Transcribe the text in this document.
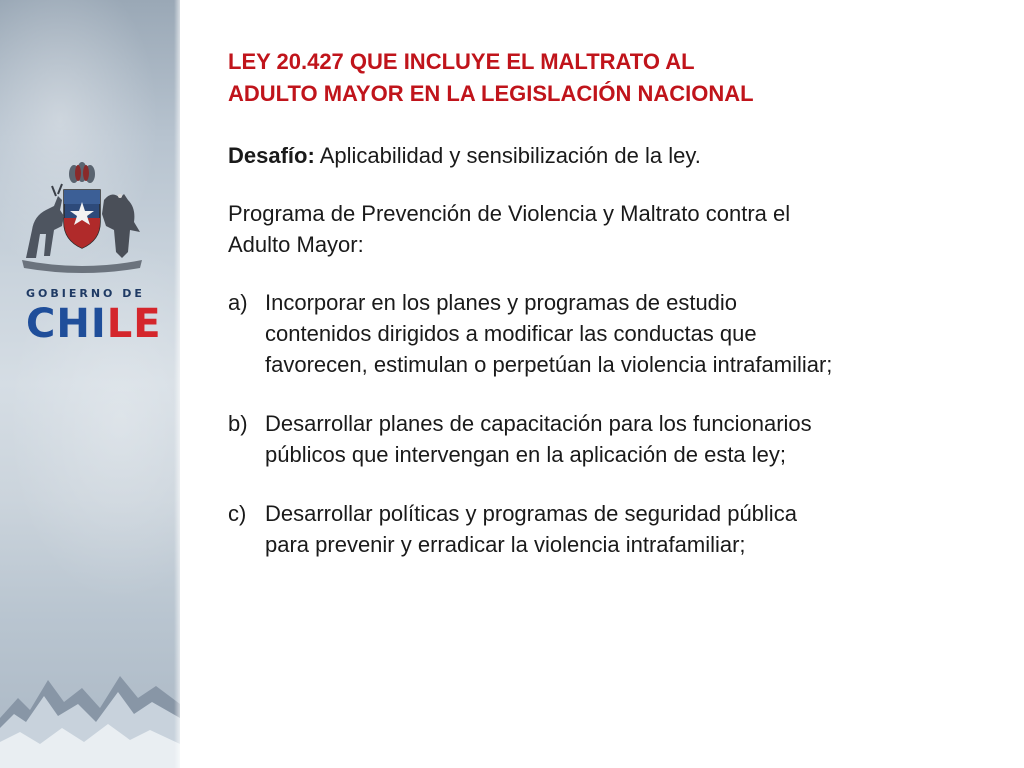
GOBIERNO DE
CHILE
LEY 20.427 QUE INCLUYE EL MALTRATO AL
ADULTO MAYOR EN LA LEGISLACIÓN NACIONAL
Desafío: Aplicabilidad y sensibilización de la ley.
Programa de Prevención de Violencia y Maltrato contra el
Adulto Mayor:
a) Incorporar en los planes y programas de estudio
contenidos dirigidos a modificar las conductas que
favorecen, estimulan o perpetúan la violencia intrafamiliar;
b) Desarrollar planes de capacitación para los funcionarios
públicos que intervengan en la aplicación de esta ley;
c) Desarrollar políticas y programas de seguridad pública
para prevenir y erradicar la violencia intrafamiliar;
